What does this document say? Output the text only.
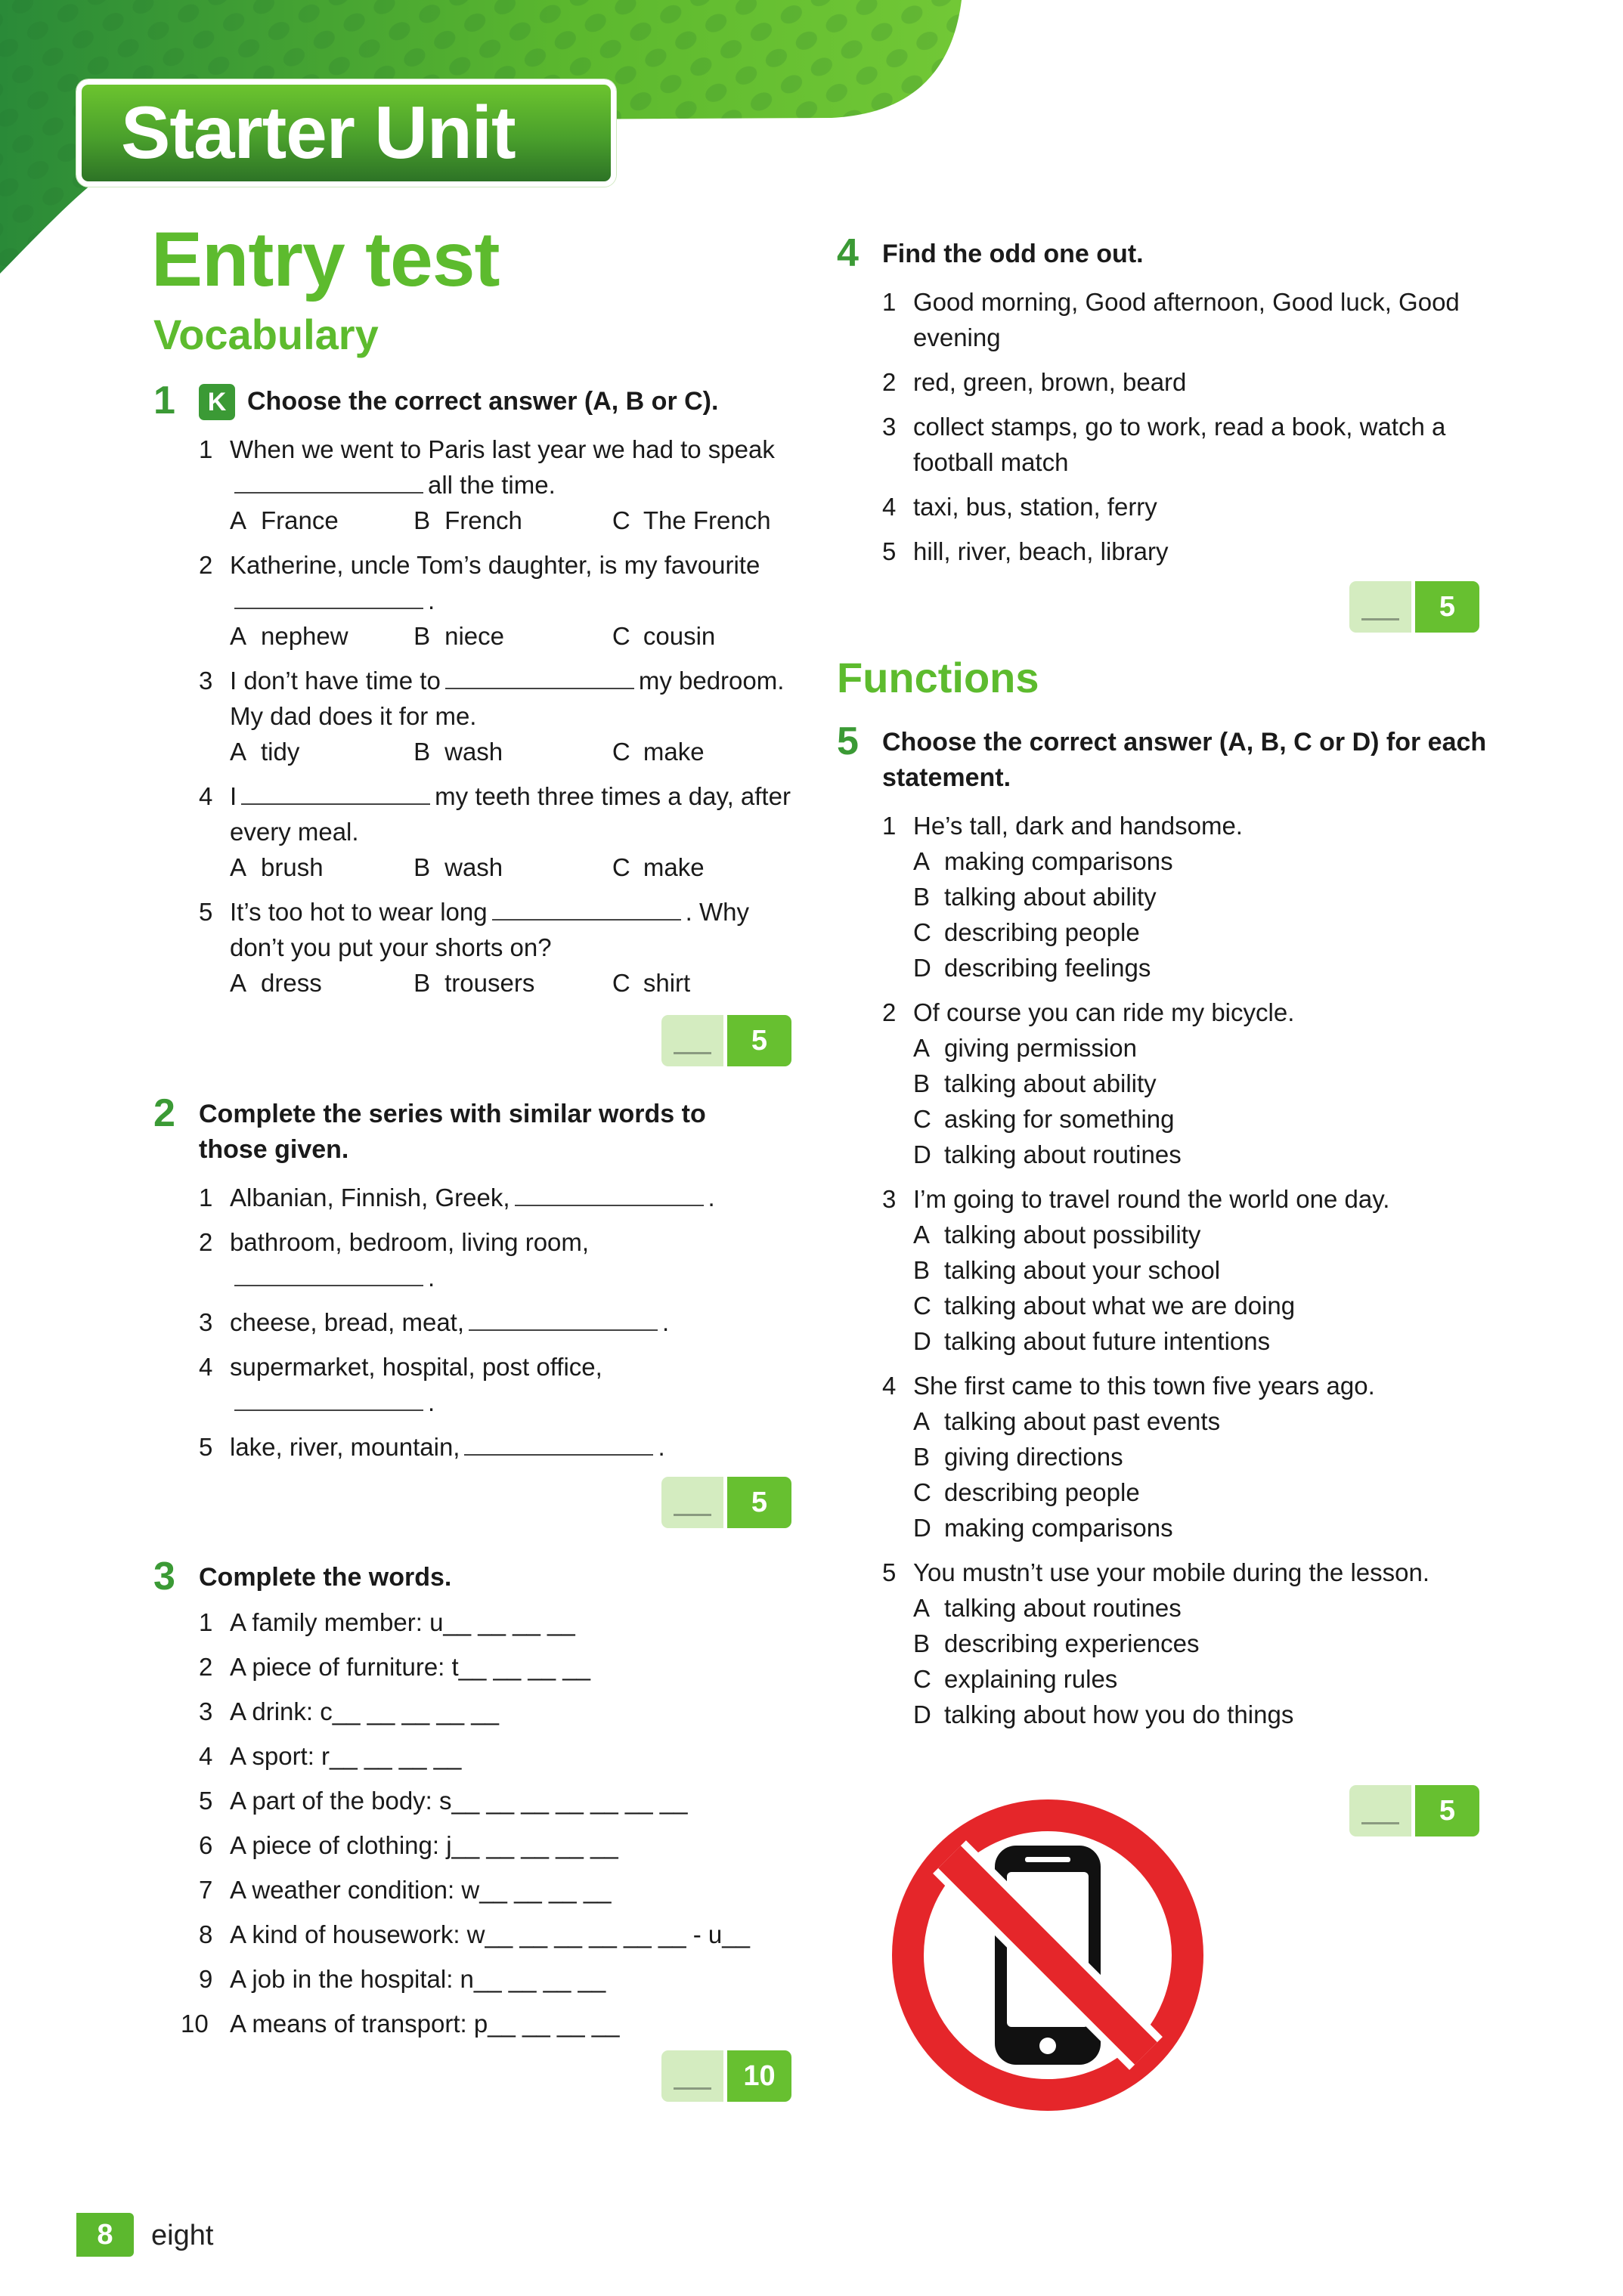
Starter Unit
Entry test
Vocabulary
Functions
1	K Choose the correct answer (A, B or C).
1 When we went to Paris last year we had to speakall the time.
A France	B French	C The French
2 Katherine, uncle Tom’s daughter, is my favourite.
A nephew	B niece	C cousin
3 I don’t have time to	my bedroom. My dad does it for me.
A tidy	B wash	C make
4 I	my teeth three times a day, after every meal.
A brush	B wash	C make
5 It’s too hot to wear long	. Why don’t you put your shorts on?
A dress	B trousers	C shirt
2 Complete the series with similar words to those given.
1 Albanian, Finnish, Greek,	.
2 bathroom, bedroom, living room,.
3 cheese, bread, meat,	.
4 supermarket, hospital, post office,.
5 lake, river, mountain,	.
3 Complete the words.
1 A family member: u__ __ __ __
2 A piece of furniture: t__ __ __ __
3 A drink: c__ __ __ __ __
4 A sport: r__ __ __ __
5 A part of the body: s__ __ __ __ __ __ __
6 A piece of clothing: j__ __ __ __ __
7 A weather condition: w__ __ __ __
8 A kind of housework: w__ __ __ __ __ __ - u__
9 A job in the hospital: n__ __ __ __
10 A means of transport: p__ __ __ __
4 Find the odd one out.
1 Good morning, Good afternoon, Good luck, Good evening
2 red, green, brown, beard
3 collect stamps, go to work, read a book, watch a football match
4 taxi, bus, station, ferry
5 hill, river, beach, library
5 Choose the correct answer (A, B, C or D) for each statement.
1 He’s tall, dark and handsome.
A making comparisons
B talking about ability
C describing people
D describing feelings
2 Of course you can ride my bicycle.
A giving permission
B talking about ability
C asking for something
D talking about routines
3 I’m going to travel round the world one day.
A talking about possibility
B talking about your school
C talking about what we are doing
D talking about future intentions
4 She first came to this town five years ago.
A talking about past events
B giving directions
C describing people
D making comparisons
5 You mustn’t use your mobile during the lesson.
A talking about routines
B describing experiences
C explaining rules
D talking about how you do things
5
5
10
5
5
8	eight
